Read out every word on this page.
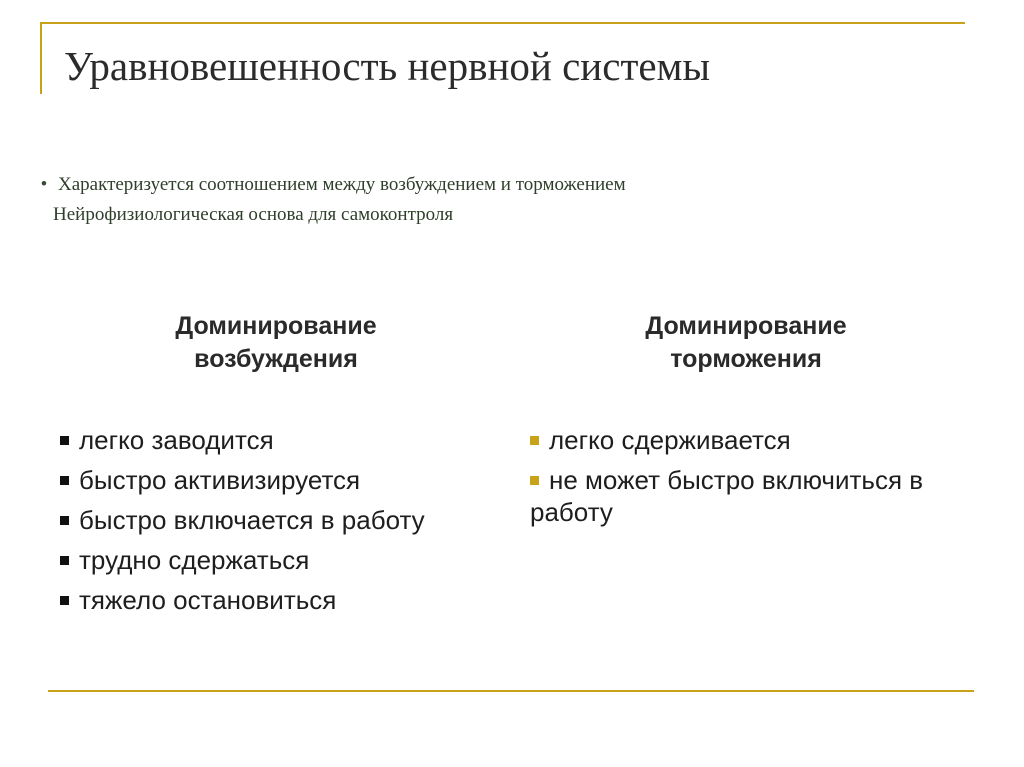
Уравновешенность нервной системы
• Характеризуется соотношением между возбуждением и торможением
Нейрофизиологическая основа для самоконтроля
Доминирование
возбуждения
Доминирование
торможения
легко заводится
быстро активизируется
быстро включается в работу
трудно сдержаться
тяжело остановиться
легко сдерживается
не может быстро включиться в работу
